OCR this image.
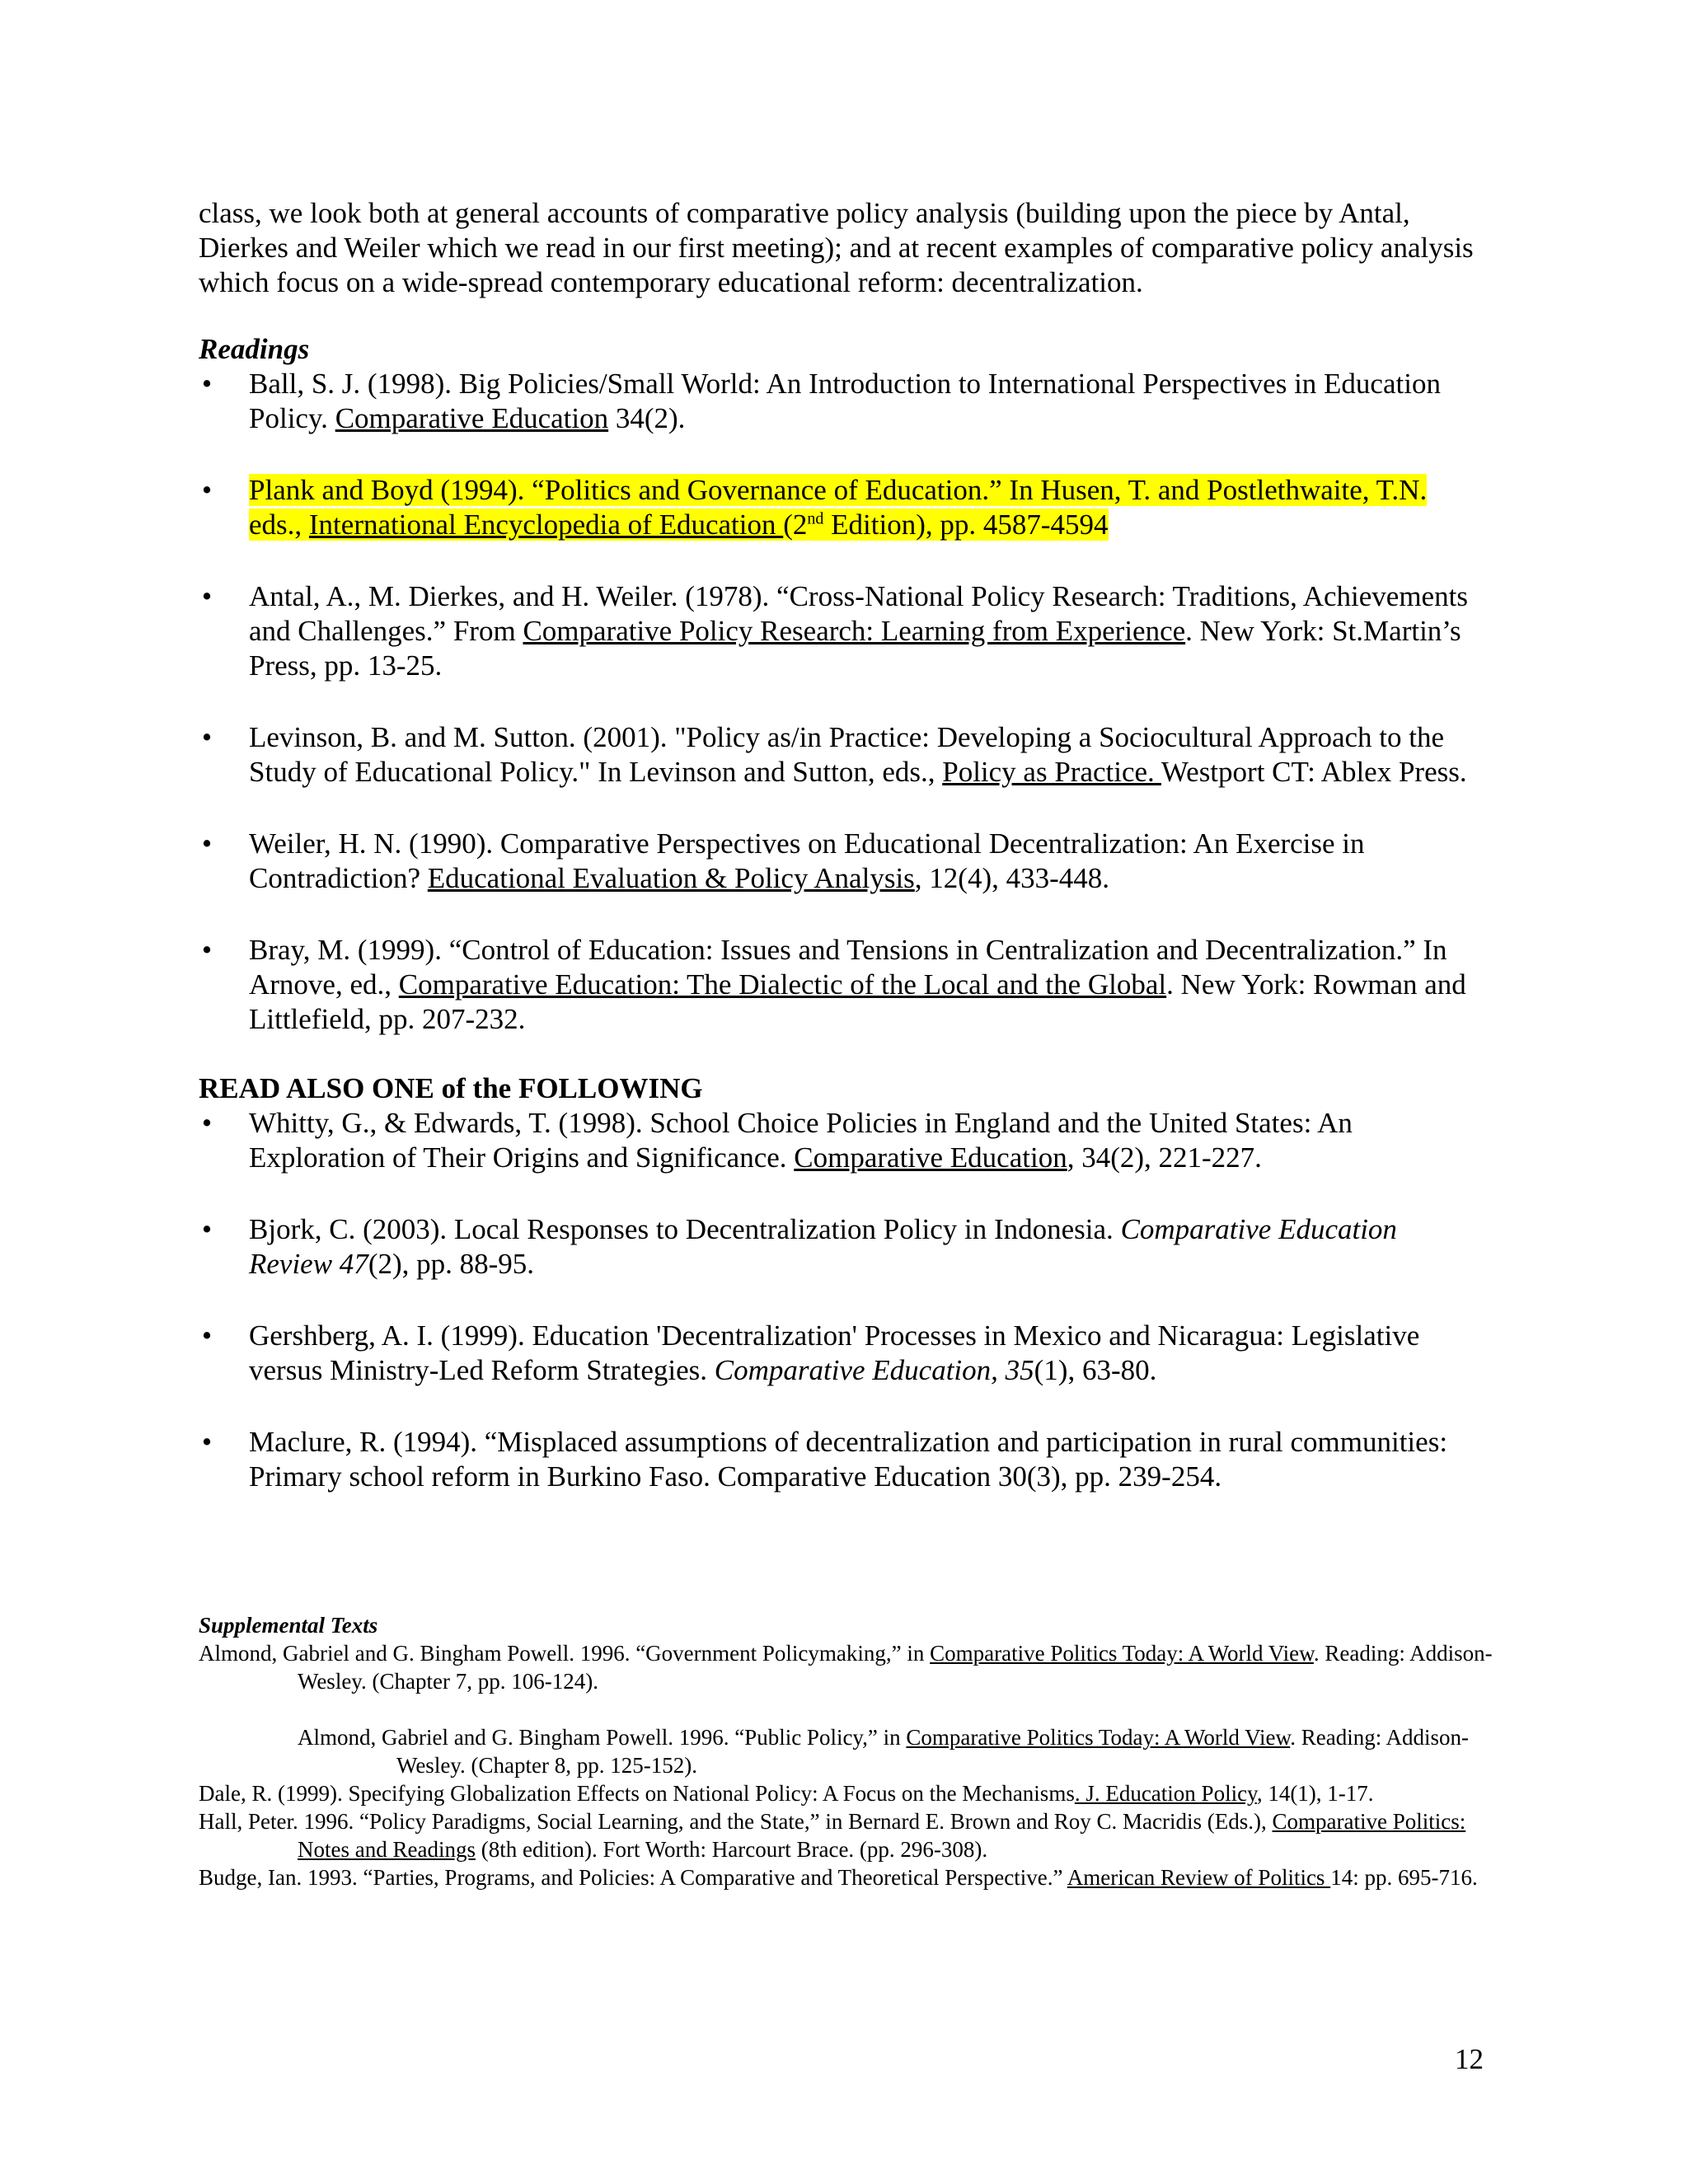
class, we look both at general accounts of comparative policy analysis (building upon the piece by Antal, Dierkes and Weiler which we read in our first meeting); and at recent examples of comparative policy analysis which focus on a wide-spread contemporary educational reform: decentralization.

Readings

• Ball, S. J. (1998). Big Policies/Small World: An Introduction to International Perspectives in Education Policy. Comparative Education 34(2).
• Plank and Boyd (1994). “Politics and Governance of Education.” In Husen, T. and Postlethwaite, T.N. eds., International Encyclopedia of Education (2nd Edition), pp. 4587-4594
• Antal, A., M. Dierkes, and H. Weiler. (1978). “Cross-National Policy Research: Traditions, Achievements and Challenges.” From Comparative Policy Research: Learning from Experience. New York: St.Martin’s Press, pp. 13-25.
• Levinson, B. and M. Sutton. (2001). "Policy as/in Practice: Developing a Sociocultural Approach to the Study of Educational Policy." In Levinson and Sutton, eds., Policy as Practice. Westport CT: Ablex Press.
• Weiler, H. N. (1990). Comparative Perspectives on Educational Decentralization: An Exercise in Contradiction? Educational Evaluation & Policy Analysis, 12(4), 433-448.
• Bray, M. (1999). “Control of Education: Issues and Tensions in Centralization and Decentralization.” In Arnove, ed., Comparative Education: The Dialectic of the Local and the Global. New York: Rowman and Littlefield, pp. 207-232.

READ ALSO ONE of the FOLLOWING

• Whitty, G., & Edwards, T. (1998). School Choice Policies in England and the United States: An Exploration of Their Origins and Significance. Comparative Education, 34(2), 221-227.
• Bjork, C. (2003). Local Responses to Decentralization Policy in Indonesia. Comparative Education Review 47(2), pp. 88-95.
• Gershberg, A. I. (1999). Education 'Decentralization' Processes in Mexico and Nicaragua: Legislative versus Ministry-Led Reform Strategies. Comparative Education, 35(1), 63-80.
• Maclure, R. (1994). “Misplaced assumptions of decentralization and participation in rural communities: Primary school reform in Burkino Faso. Comparative Education 30(3), pp. 239-254.

Supplemental Texts

Almond, Gabriel and G. Bingham Powell. 1996. “Government Policymaking,” in Comparative Politics Today: A World View. Reading: Addison-Wesley. (Chapter 7, pp. 106-124).

Almond, Gabriel and G. Bingham Powell. 1996. “Public Policy,” in Comparative Politics Today: A World View. Reading: Addison-Wesley. (Chapter 8, pp. 125-152).

Dale, R. (1999). Specifying Globalization Effects on National Policy: A Focus on the Mechanisms. J. Education Policy, 14(1), 1-17.

Hall, Peter. 1996. “Policy Paradigms, Social Learning, and the State,” in Bernard E. Brown and Roy C. Macridis (Eds.), Comparative Politics: Notes and Readings (8th edition). Fort Worth: Harcourt Brace. (pp. 296-308).

Budge, Ian. 1993. “Parties, Programs, and Policies: A Comparative and Theoretical Perspective.” American Review of Politics 14: pp. 695-716.

12
